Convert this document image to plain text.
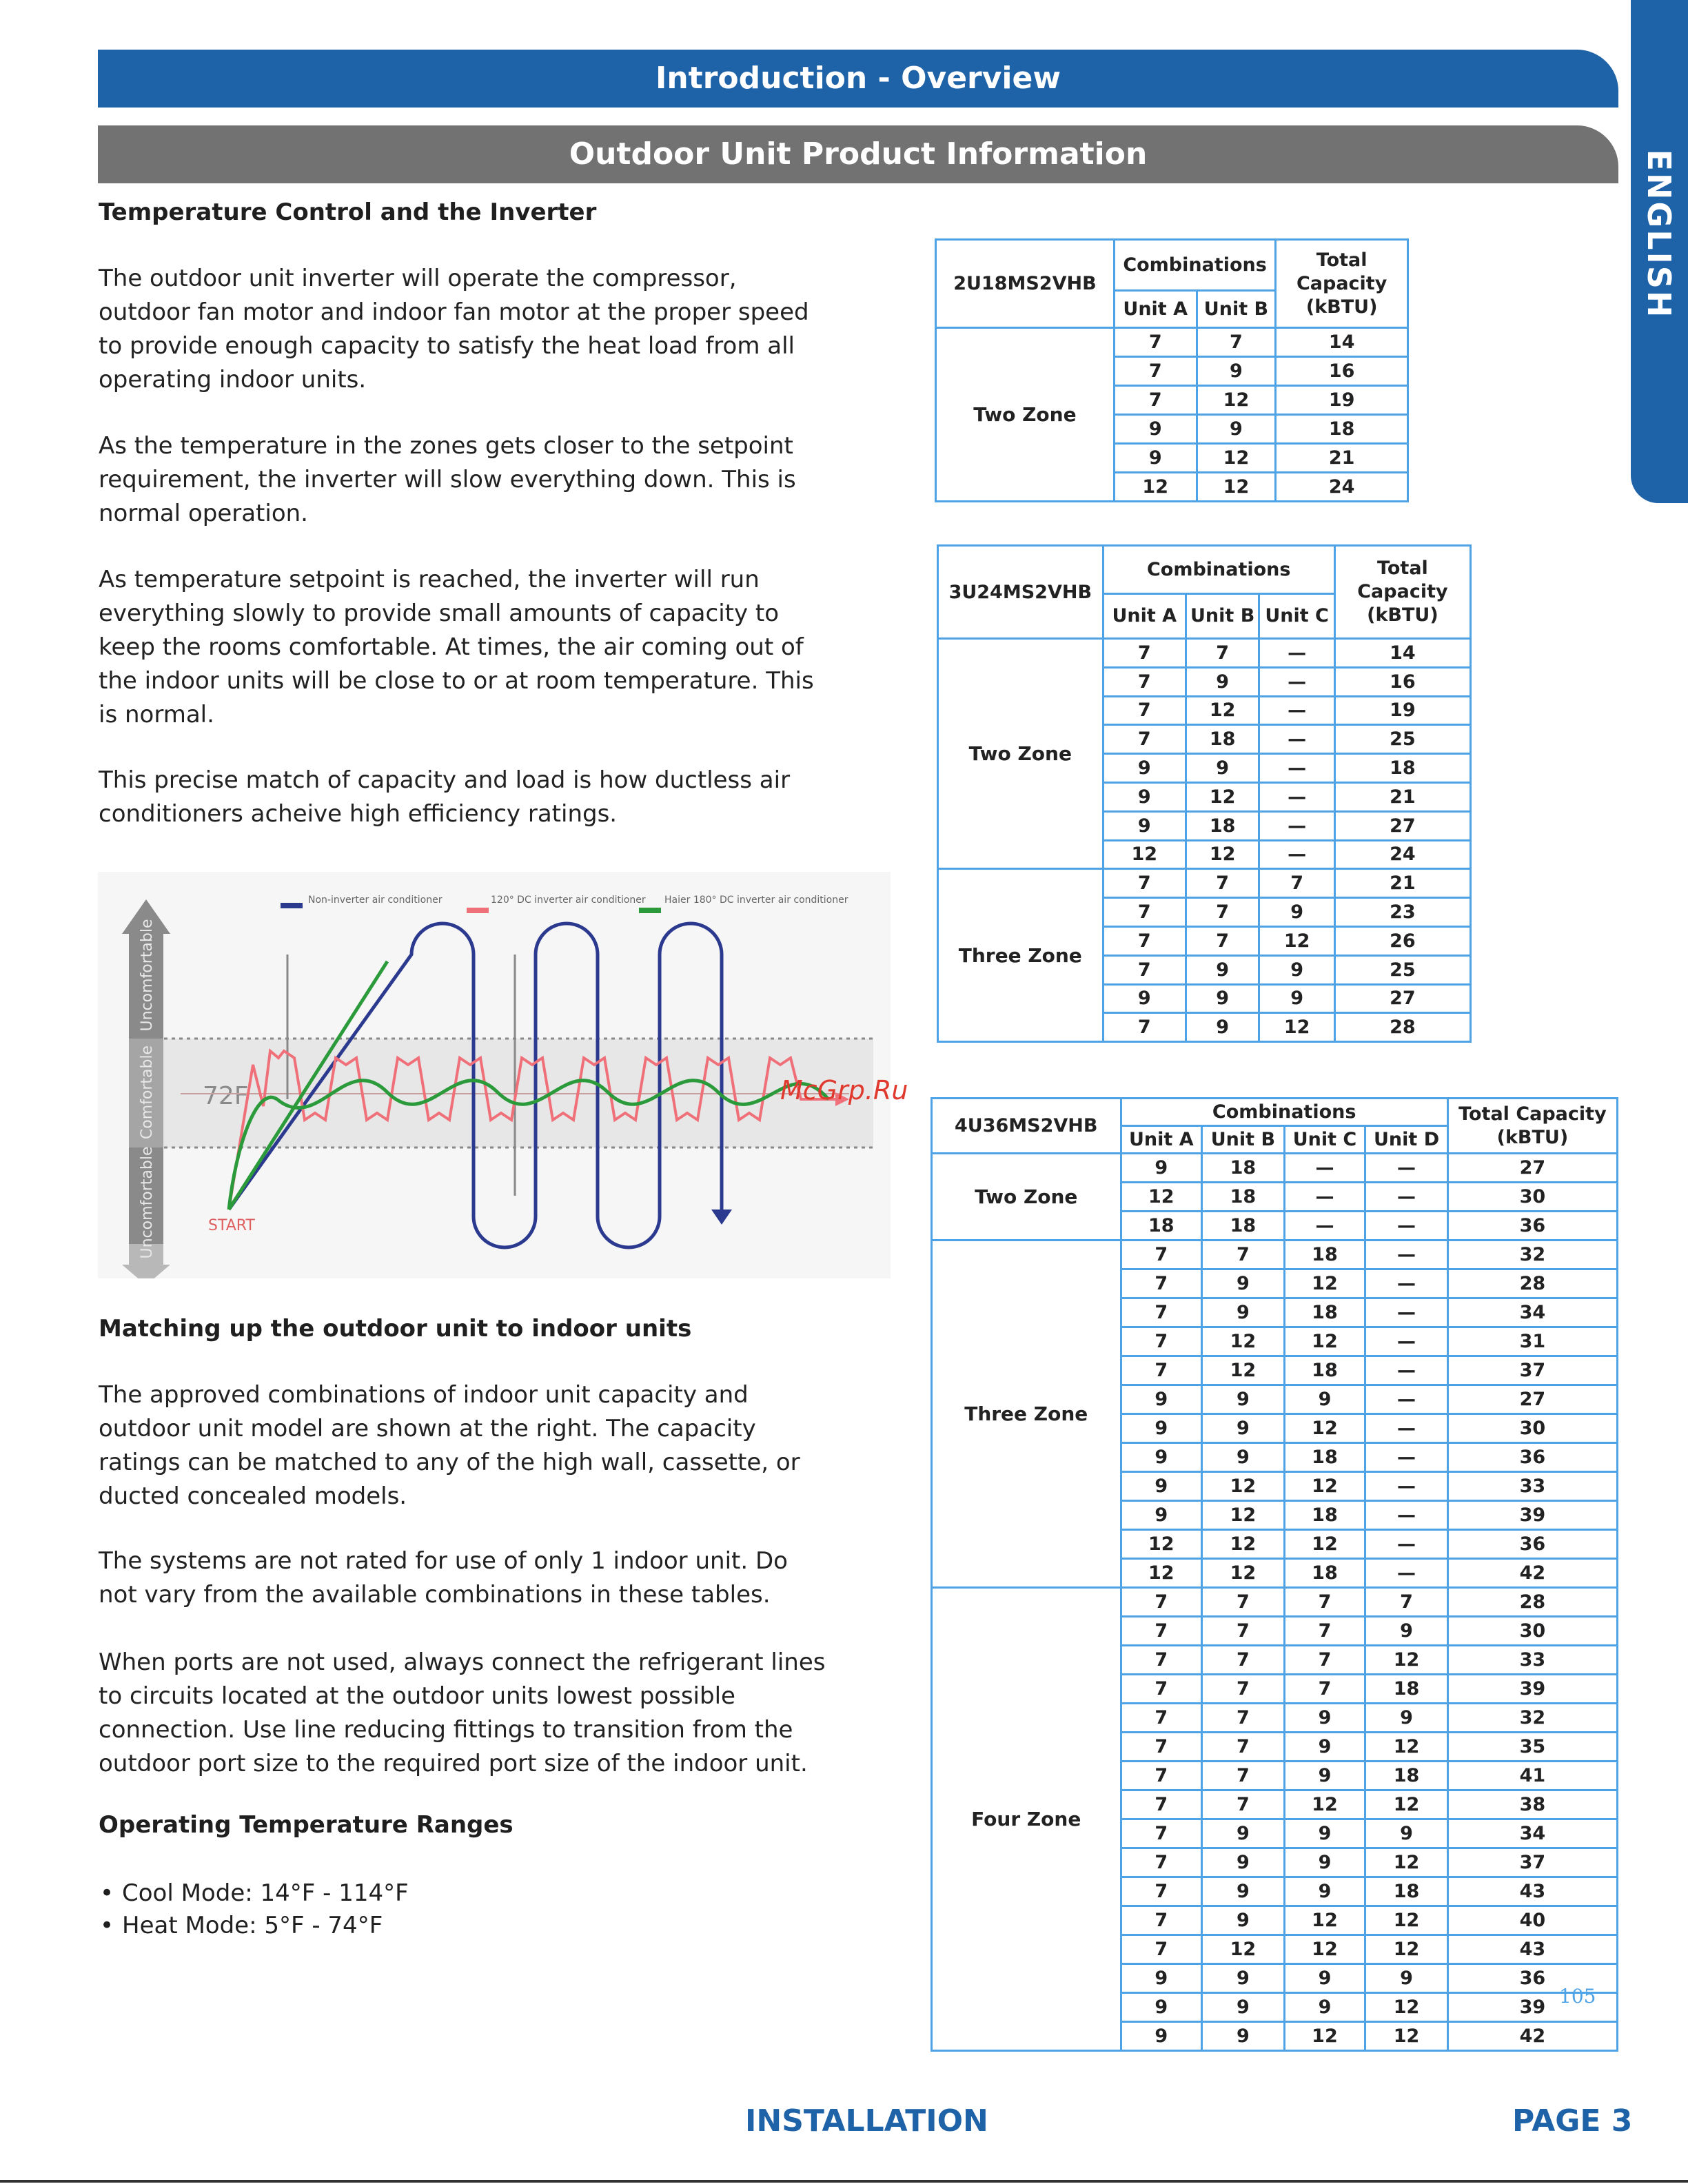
Introduction - Overview
Outdoor Unit Product Information	ENGLISH
Temperature Control and the Inverter
The outdoor unit inverter will operate the compressor, outdoor fan motor and indoor fan motor at the proper speed to provide enough capacity to satisfy the heat load from all operating indoor units.
As the temperature in the zones gets closer to the setpoint requirement, the inverter will slow everything down. This is normal operation.
As temperature setpoint is reached, the inverter will run everything slowly to provide small amounts of capacity to keep the rooms comfortable. At times, the air coming out of the indoor units will be close to or at room temperature. This is normal.
This precise match of capacity and load is how ductless air conditioners acheive high efficiency ratings.
Matching up the outdoor unit to indoor units
The approved combinations of indoor unit capacity and outdoor unit model are shown at the right. The capacity ratings can be matched to any of the high wall, cassette, or ducted concealed models.
The systems are not rated for use of only 1 indoor unit. Do not vary from the available combinations in these tables.
When ports are not used, always connect the refrigerant lines to circuits located at the outdoor units lowest possible connection. Use line reducing fittings to transition from the outdoor port size to the required port size of the indoor unit.
Operating Temperature Ranges
• Cool Mode: 14°F - 114°F
• Heat Mode: 5°F - 74°F
Uncomfortable
Comfortable
Uncomfortable
72F
START
Non-inverter air conditioner	120° DC inverter air conditioner Haier 180° DC inverter air conditioner
McGrp.Ru
2U18MS2VHB	Combinations		Total Capacity (kBTU)
	Unit A	Unit B	
Two Zone	7	7	14
	7	9	16
	7	12	19
	9	9	18
	9	12	21
	12	12	24
3U24MS2VHB	Combinations			Total Capacity (kBTU)
	Unit A	Unit B	Unit C	
Two Zone	7	7	—	14
	7	9	—	16
	7	12	—	19
	7	18	—	25
	9	9	—	18
	9	12	—	21
	9	18	—	27
	12	12	—	24
Three Zone	7	7	7	21
	7	7	9	23
	7	7	12	26
	7	9	9	25
	9	9	9	27
	7	9	12	28
4U36MS2VHB	Combinations				Total Capacity (kBTU)
	Unit A	Unit B	Unit C	Unit D	
Two Zone	9	18	—	—	27
	12	18	—	—	30
	18	18	—	—	36
Three Zone	7	7	18	—	32
	7	9	12	—	28
	7	9	18	—	34
	7	12	12	—	31
	7	12	18	—	37
	9	9	9	—	27
	9	9	12	—	30
	9	9	18	—	36
	9	12	12	—	33
	9	12	18	—	39
	12	12	12	—	36
	12	12	18	—	42
Four Zone	7	7	7	7	28
	7	7	7	9	30
	7	7	7	12	33
	7	7	7	18	39
	7	7	9	9	32
	7	7	9	12	35
	7	7	9	18	41
	7	7	12	12	38
	7	9	9	9	34
	7	9	9	12	37
	7	9	9	18	43
	7	9	12	12	40
	7	12	12	12	43
	9	9	9	9	36
	9	9	9	12	39
	9	9	12	12	42
105
INSTALLATION	PAGE 3
